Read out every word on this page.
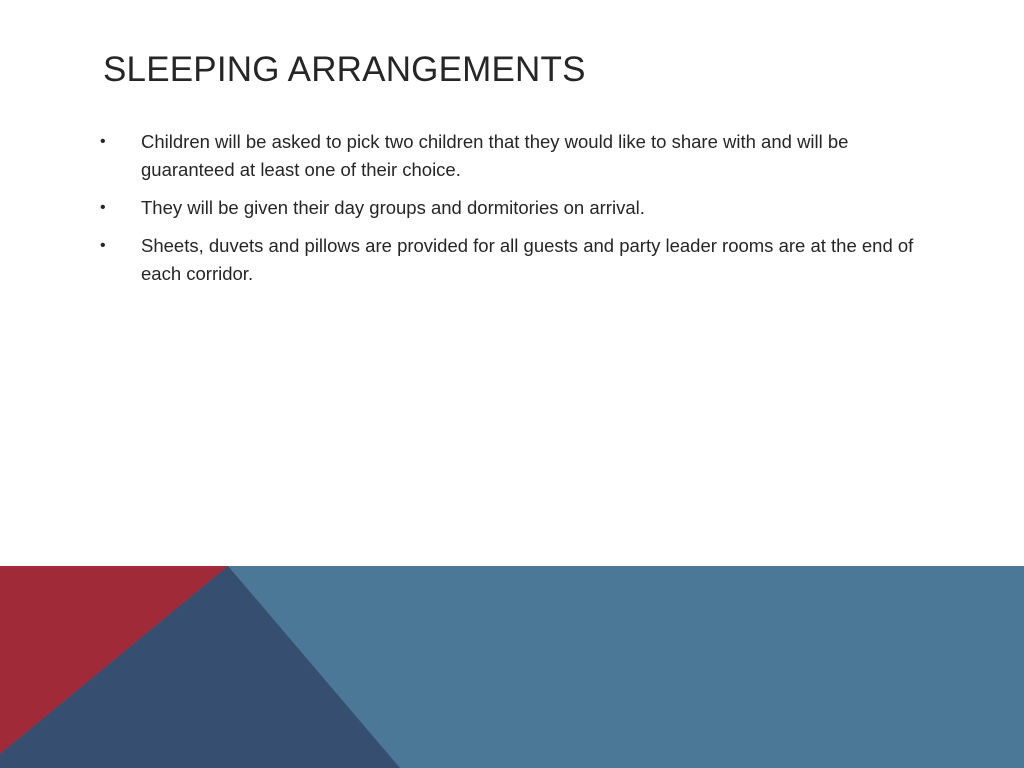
SLEEPING ARRANGEMENTS
• Children will be asked to pick two children that they would like to share with and will be guaranteed at least one of their choice.
• They will be given their day groups and dormitories on arrival.
• Sheets, duvets and pillows are provided for all guests and party leader rooms are at the end of each corridor.
